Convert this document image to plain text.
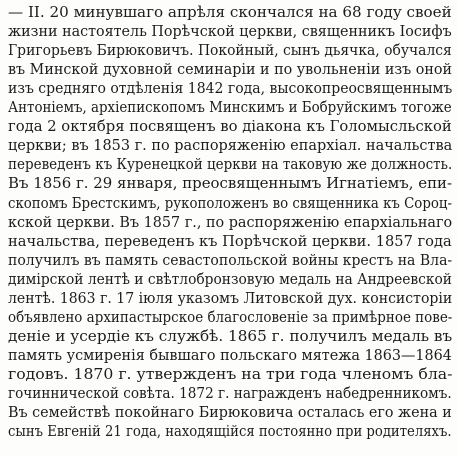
— II. 20 минувшаго апрѣля скончался на 68 году своей
жизни настоятель Порѣчской церкви, священникъ Іосифъ
Григорьевъ Бирюковичъ. Покойный, сынъ дьячка, обучался
въ Минской духовной семинаріи и по увольненіи изъ оной
изъ средняго отдѣленія 1842 года, высокопреосвященнымъ
Антоніемъ, архіепископомъ Минскимъ и Бобруйскимъ тогоже
года 2 октября посвященъ во діакона къ Голомысльской
церкви; въ 1853 г. по распоряженію епархіал. начальства
переведенъ къ Куренецкой церкви на таковую же должность.
Въ 1856 г. 29 января, преосвященнымъ Игнатіемъ, епи-
скопомъ Брестскимъ, рукоположенъ во священника къ Сороц-
кской церкви. Въ 1857 г., по распоряженію епархіальнаго
начальства, переведенъ къ Порѣчской церкви. 1857 года
получилъ въ память севастопольской войны крестъ на Вла-
димірской лентѣ и свѣтлобронзовую медаль на Андреевской
лентѣ. 1863 г. 17 іюля указомъ Литовской дух. консисторіи
объявлено архипастырское благословеніе за примѣрное пове-
деніе и усердіе къ службѣ. 1865 г. получилъ медаль въ
память усмиренія бывшаго польскаго мятежа 1863—1864
годовъ. 1870 г. утвержденъ на три года членомъ бла-
гочиннической совѣта. 1872 г. награжденъ набедренникомъ.
Въ семействѣ покойнаго Бирюковича осталась его жена и
сынъ Евгеній 21 года, находящійся постоянно при родителяхъ.
